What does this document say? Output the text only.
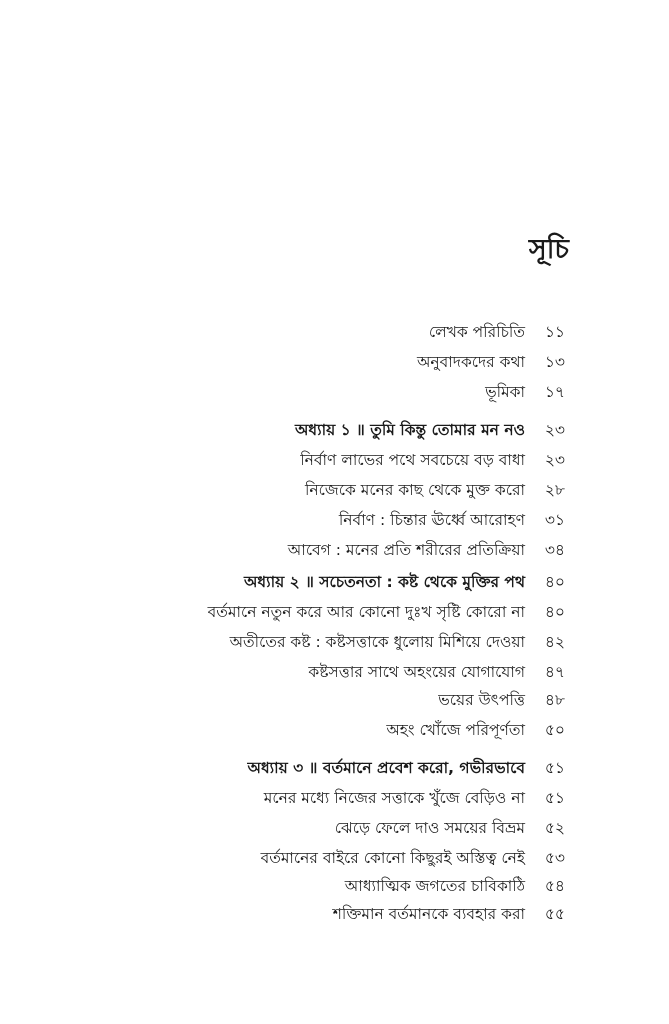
সূচি
লেখক পরিচিতি	১১
অনুবাদকদের কথা	১৩
ভূমিকা	১৭
অধ্যায় ১ ॥ তুমি কিন্তু তোমার মন নও	২৩
নির্বাণ লাভের পথে সবচেয়ে বড় বাধা	২৩
নিজেকে মনের কাছ থেকে মুক্ত করো	২৮
নির্বাণ : চিন্তার ঊর্ধ্বে আরোহণ	৩১
আবেগ : মনের প্রতি শরীরের প্রতিক্রিয়া	৩৪
অধ্যায় ২ ॥ সচেতনতা : কষ্ট থেকে মুক্তির পথ	৪০
বর্তমানে নতুন করে আর কোনো দুঃখ সৃষ্টি কোরো না	৪০
অতীতের কষ্ট : কষ্টসত্তাকে ধুলোয় মিশিয়ে দেওয়া	৪২
কষ্টসত্তার সাথে অহংয়ের যোগাযোগ	৪৭
ভয়ের উৎপত্তি	৪৮
অহং খোঁজে পরিপূর্ণতা	৫০
অধ্যায় ৩ ॥ বর্তমানে প্রবেশ করো, গভীরভাবে	৫১
মনের মধ্যে নিজের সত্তাকে খুঁজে বেড়িও না	৫১
ঝেড়ে ফেলে দাও সময়ের বিভ্রম	৫২
বর্তমানের বাইরে কোনো কিছুরই অস্তিত্ব নেই	৫৩
আধ্যাত্মিক জগতের চাবিকাঠি	৫৪
শক্তিমান বর্তমানকে ব্যবহার করা	৫৫
